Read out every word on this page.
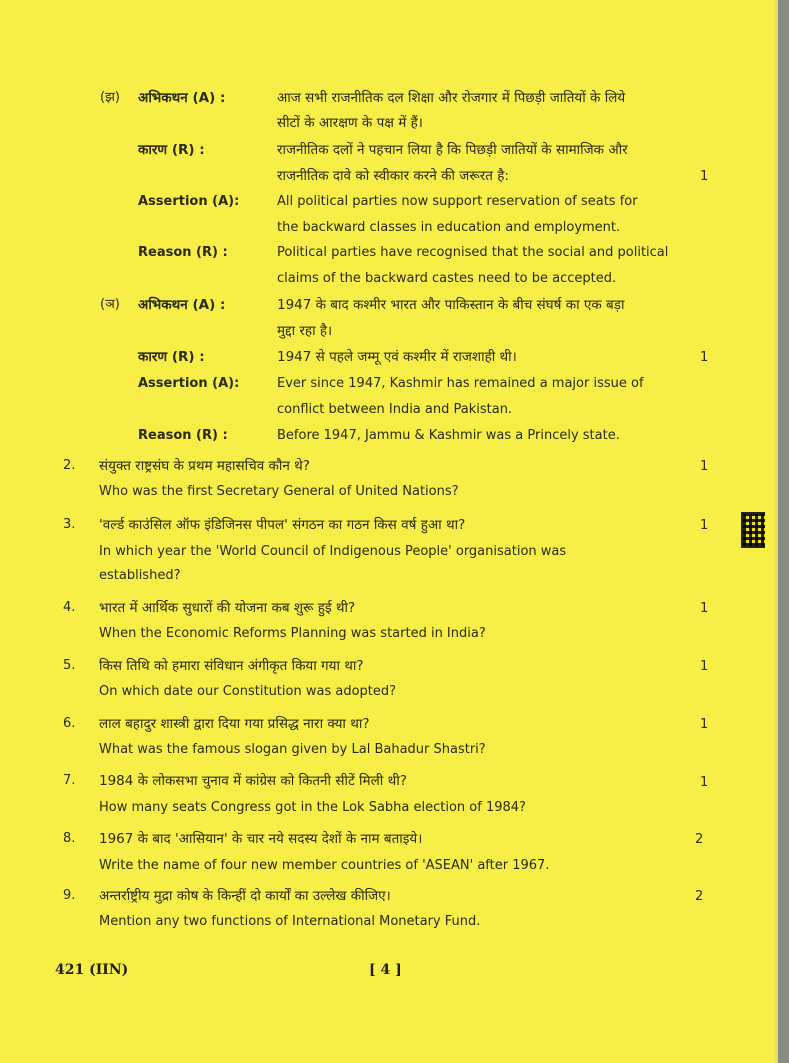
(झ) अभिकथन (A) :	आज सभी राजनीतिक दल शिक्षा और रोजगार में पिछड़ी जातियों के लिये
सीटों के आरक्षण के पक्ष में हैं।
कारण (R) :	राजनीतिक दलों ने पहचान लिया है कि पिछड़ी जातियों के सामाजिक और
राजनीतिक दावे को स्वीकार करने की जरूरत है:	1
Assertion (A):	All political parties now support reservation of seats for
the backward classes in education and employment.
Reason (R) :	Political parties have recognised that the social and political
claims of the backward castes need to be accepted.
(ञ) अभिकथन (A) :	1947 के बाद कश्मीर भारत और पाकिस्तान के बीच संघर्ष का एक बड़ा
मुद्दा रहा है।
कारण (R) :	1947 से पहले जम्मू एवं कश्मीर में राजशाही थी।	1
Assertion (A):	Ever since 1947, Kashmir has remained a major issue of
conflict between India and Pakistan.
Reason (R) :	Before 1947, Jammu & Kashmir was a Princely state.
2. संयुक्त राष्ट्रसंघ के प्रथम महासचिव कौन थे?	1
Who was the first Secretary General of United Nations?
3. 'वर्ल्ड काउंसिल ऑफ इंडिजिनस पीपल' संगठन का गठन किस वर्ष हुआ था?	1
In which year the 'World Council of Indigenous People' organisation was
established?
4. भारत में आर्थिक सुधारों की योजना कब शुरू हुई थी?	1
When the Economic Reforms Planning was started in India?
5. किस तिथि को हमारा संविधान अंगीकृत किया गया था?	1
On which date our Constitution was adopted?
6. लाल बहादुर शास्त्री द्वारा दिया गया प्रसिद्ध नारा क्या था?	1
What was the famous slogan given by Lal Bahadur Shastri?
7. 1984 के लोकसभा चुनाव में कांग्रेस को कितनी सीटें मिली थी?	1
How many seats Congress got in the Lok Sabha election of 1984?
8. 1967 के बाद 'आसियान' के चार नये सदस्य देशों के नाम बताइये।	2
Write the name of four new member countries of 'ASEAN' after 1967.
9. अन्तर्राष्ट्रीय मुद्रा कोष के किन्हीं दो कार्यों का उल्लेख कीजिए।	2
Mention any two functions of International Monetary Fund.
421 (IIN)	[ 4 ]
